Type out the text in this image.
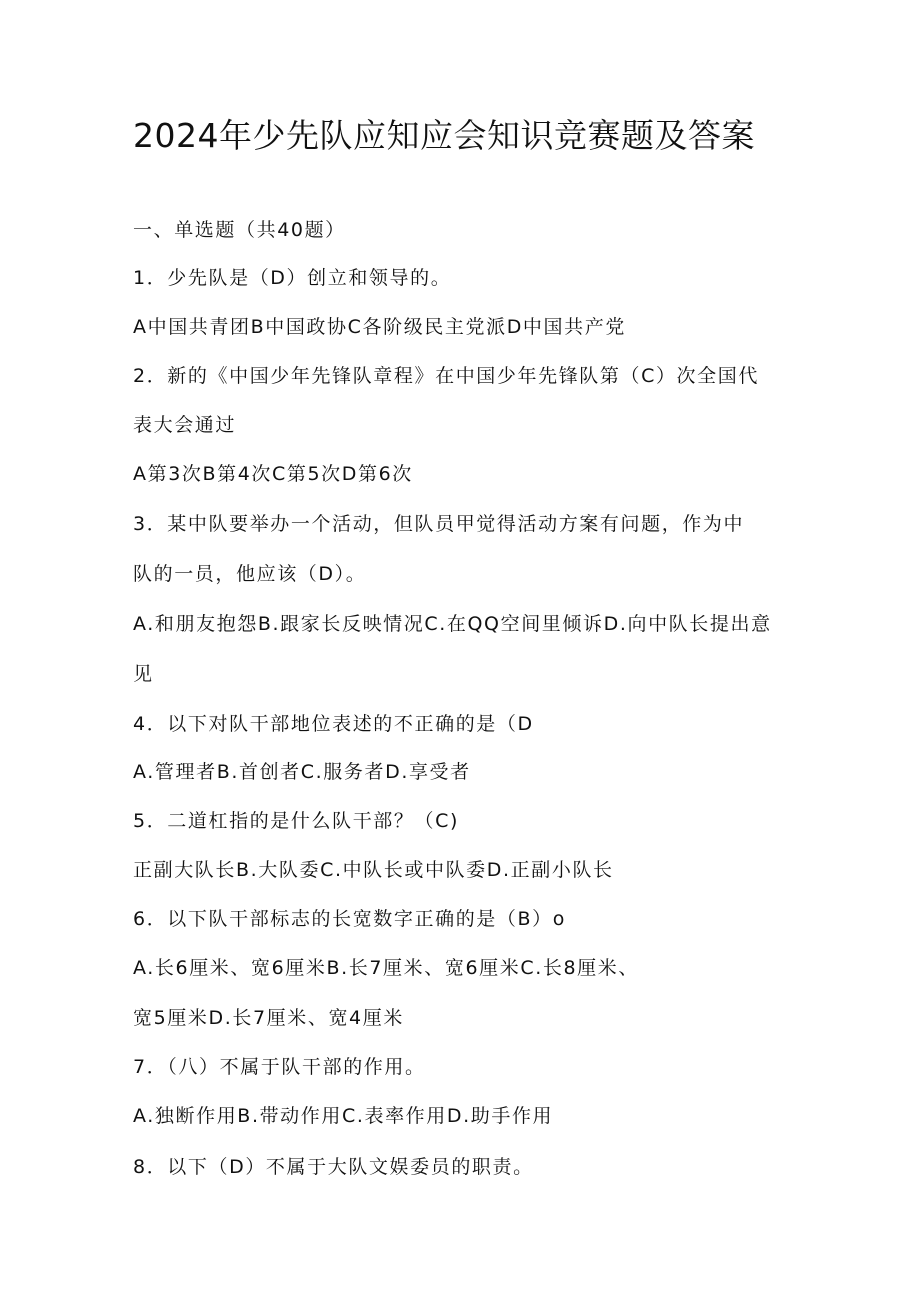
2024年少先队应知应会知识竞赛题及答案
一、单选题（共40题）
1．少先队是（D）创立和领导的。
A中国共青团B中国政协C各阶级民主党派D中国共产党
2．新的《中国少年先锋队章程》在中国少年先锋队第（C）次全国代
表大会通过
A第3次B第4次C第5次D第6次
3．某中队要举办一个活动，但队员甲觉得活动方案有问题，作为中
队的一员，他应该（D）。
A.和朋友抱怨B.跟家长反映情况C.在QQ空间里倾诉D.向中队长提出意
见
4．以下对队干部地位表述的不正确的是（D
A.管理者B.首创者C.服务者D.享受者
5．二道杠指的是什么队干部？（C)
正副大队长B.大队委C.中队长或中队委D.正副小队长
6．以下队干部标志的长宽数字正确的是（B）o
A.长6厘米、宽6厘米B.长7厘米、宽6厘米C.长8厘米、
宽5厘米D.长7厘米、宽4厘米
7．（八）不属于队干部的作用。
A.独断作用B.带动作用C.表率作用D.助手作用
8．以下（D）不属于大队文娱委员的职责。
